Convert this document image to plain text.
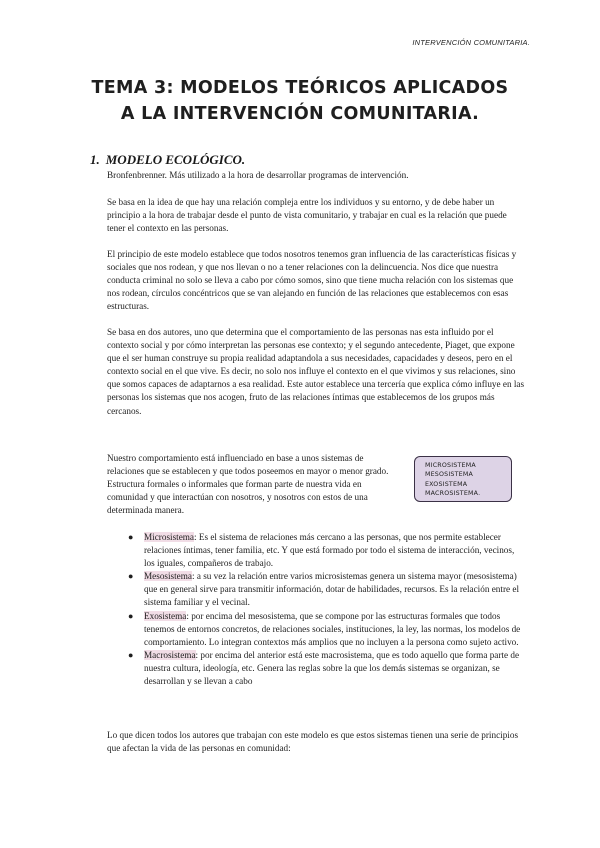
INTERVENCIÓN COMUNITARIA.
TEMA 3: MODELOS TEÓRICOS APLICADOS
A LA INTERVENCIÓN COMUNITARIA.
1. MODELO ECOLÓGICO.

Bronfenbrenner. Más utilizado a la hora de desarrollar programas de intervención.

Se basa en la idea de que hay una relación compleja entre los individuos y su entorno, y de debe haber un principio a la hora de trabajar desde el punto de vista comunitario, y trabajar en cual es la relación que puede tener el contexto en las personas.

El principio de este modelo establece que todos nosotros tenemos gran influencia de las características físicas y sociales que nos rodean, y que nos llevan o no a tener relaciones con la delincuencia. Nos dice que nuestra conducta criminal no solo se lleva a cabo por cómo somos, sino que tiene mucha relación con los sistemas que nos rodean, círculos concéntricos que se van alejando en función de las relaciones que establecemos con esas estructuras.

Se basa en dos autores, uno que determina que el comportamiento de las personas nas esta influido por el contexto social y por cómo interpretan las personas ese contexto; y el segundo antecedente, Piaget, que expone que el ser human construye su propia realidad adaptandola a sus necesidades, capacidades y deseos, pero en el contexto social en el que vive. Es decir, no solo nos influye el contexto en el que vivimos y sus relaciones, sino que somos capaces de adaptarnos a esa realidad. Este autor establece una tercería que explica cómo influye en las personas los sistemas que nos acogen, fruto de las relaciones íntimas que establecemos de los grupos más cercanos.

Nuestro comportamiento está influenciado en base a unos sistemas de relaciones que se establecen y que todos poseemos en mayor o menor grado. Estructura formales o informales que forman parte de nuestra vida en comunidad y que interactúan con nosotros, y nosotros con estos de una determinada manera.

MICROSISTEMA
MESOSISTEMA
EXOSISTEMA
MACROSISTEMA.
● Microsistema: Es el sistema de relaciones más cercano a las personas, que nos permite establecer relaciones íntimas, tener familia, etc. Y que está formado por todo el sistema de interacción, vecinos, los iguales, compañeros de trabajo.
● Mesosistema: a su vez la relación entre varios microsistemas genera un sistema mayor (mesosistema) que en general sirve para transmitir información, dotar de habilidades, recursos. Es la relación entre el sistema familiar y el vecinal.
● Exosistema: por encima del mesosistema, que se compone por las estructuras formales que todos tenemos de entornos concretos, de relaciones sociales, instituciones, la ley, las normas, los modelos de comportamiento. Lo integran contextos más amplios que no incluyen a la persona como sujeto activo.
● Macrosistema: por encima del anterior está este macrosistema, que es todo aquello que forma parte de nuestra cultura, ideología, etc. Genera las reglas sobre la que los demás sistemas se organizan, se desarrollan y se llevan a cabo

Lo que dicen todos los autores que trabajan con este modelo es que estos sistemas tienen una serie de principios que afectan la vida de las personas en comunidad:
